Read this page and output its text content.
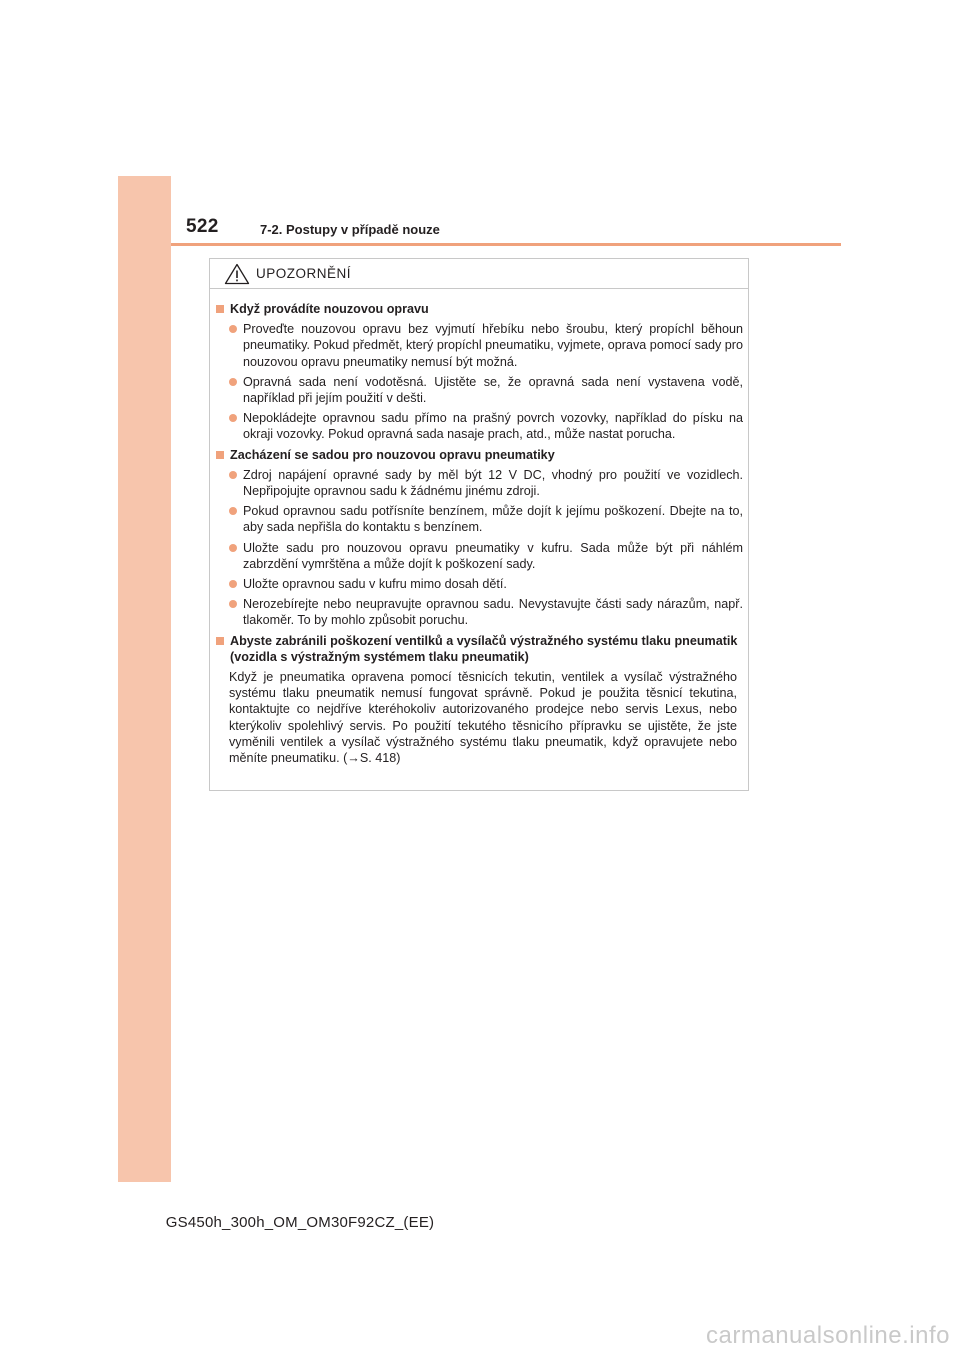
522	7-2. Postupy v případě nouze
UPOZORNĚNÍ
Když provádíte nouzovou opravu
Proveďte nouzovou opravu bez vyjmutí hřebíku nebo šroubu, který propíchl běhoun pneumatiky. Pokud předmět, který propíchl pneumatiku, vyjmete, oprava pomocí sady pro nouzovou opravu pneumatiky nemusí být možná.
Opravná sada není vodotěsná. Ujistěte se, že opravná sada není vystavena vodě, například při jejím použití v dešti.
Nepokládejte opravnou sadu přímo na prašný povrch vozovky, například do písku na okraji vozovky. Pokud opravná sada nasaje prach, atd., může nastat porucha.
Zacházení se sadou pro nouzovou opravu pneumatiky
Zdroj napájení opravné sady by měl být 12 V DC, vhodný pro použití ve vozidlech. Nepřipojujte opravnou sadu k žádnému jinému zdroji.
Pokud opravnou sadu potřísníte benzínem, může dojít k jejímu poškození. Dbejte na to, aby sada nepřišla do kontaktu s benzínem.
Uložte sadu pro nouzovou opravu pneumatiky v kufru. Sada může být při náhlém zabrzdění vymrštěna a může dojít k poškození sady.
Uložte opravnou sadu v kufru mimo dosah dětí.
Nerozebírejte nebo neupravujte opravnou sadu. Nevystavujte části sady nárazům, např. tlakoměr. To by mohlo způsobit poruchu.
Abyste zabránili poškození ventilků a vysílačů výstražného systému tlaku pneumatik (vozidla s výstražným systémem tlaku pneumatik)
Když je pneumatika opravena pomocí těsnicích tekutin, ventilek a vysílač výstražného systému tlaku pneumatik nemusí fungovat správně. Pokud je použita těsnicí tekutina, kontaktujte co nejdříve kteréhokoliv autorizovaného prodejce nebo servis Lexus, nebo kterýkoliv spolehlivý servis. Po použití tekutého těsnicího přípravku se ujistěte, že jste vyměnili ventilek a vysílač výstražného systému tlaku pneumatik, když opravujete nebo měníte pneumatiku. (→S. 418)
GS450h_300h_OM_OM30F92CZ_(EE)
carmanualsonline.info
